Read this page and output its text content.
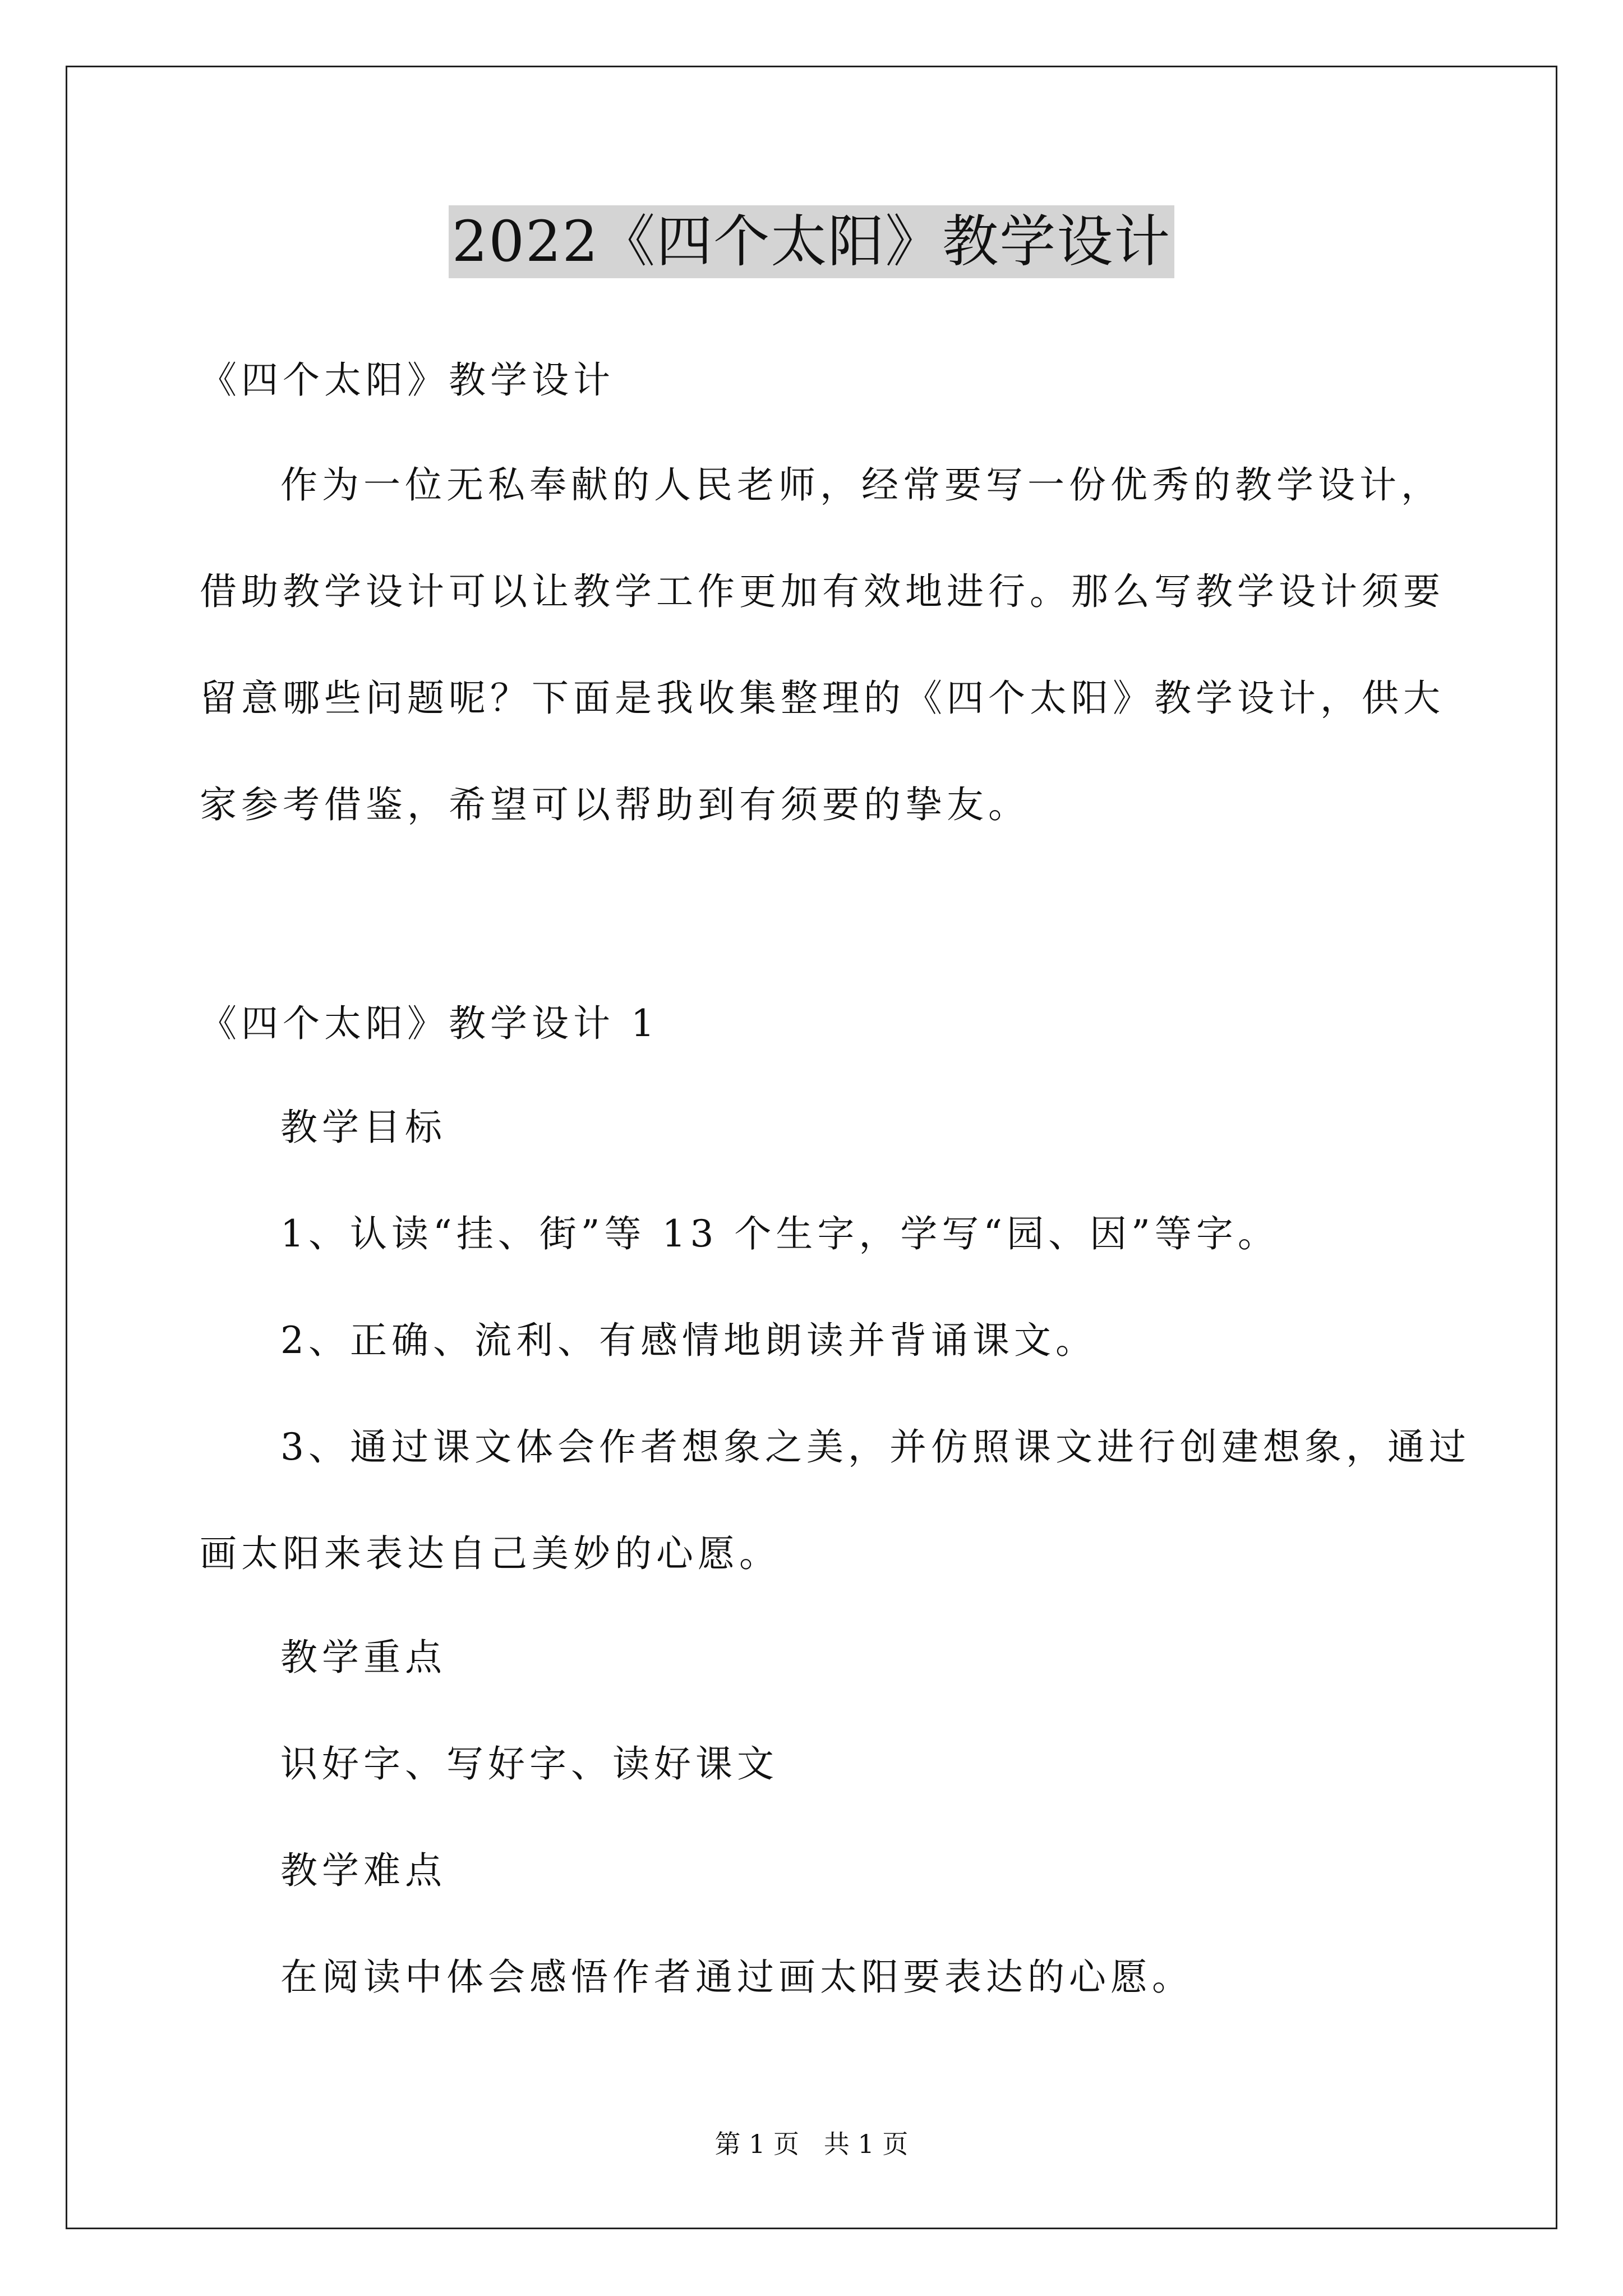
2022《四个太阳》教学设计
《四个太阳》教学设计
作为一位无私奉献的人民老师，经常要写一份优秀的教学设计，
借助教学设计可以让教学工作更加有效地进行。那么写教学设计须要
留意哪些问题呢？下面是我收集整理的《四个太阳》教学设计，供大
家参考借鉴，希望可以帮助到有须要的挚友。
《四个太阳》教学设计 1
教学目标
1、认读“挂、街”等 13 个生字，学写“园、因”等字。
2、正确、流利、有感情地朗读并背诵课文。
3、通过课文体会作者想象之美，并仿照课文进行创建想象，通过
画太阳来表达自己美妙的心愿。
教学重点
识好字、写好字、读好课文
教学难点
在阅读中体会感悟作者通过画太阳要表达的心愿。
第 1 页   共 1 页
